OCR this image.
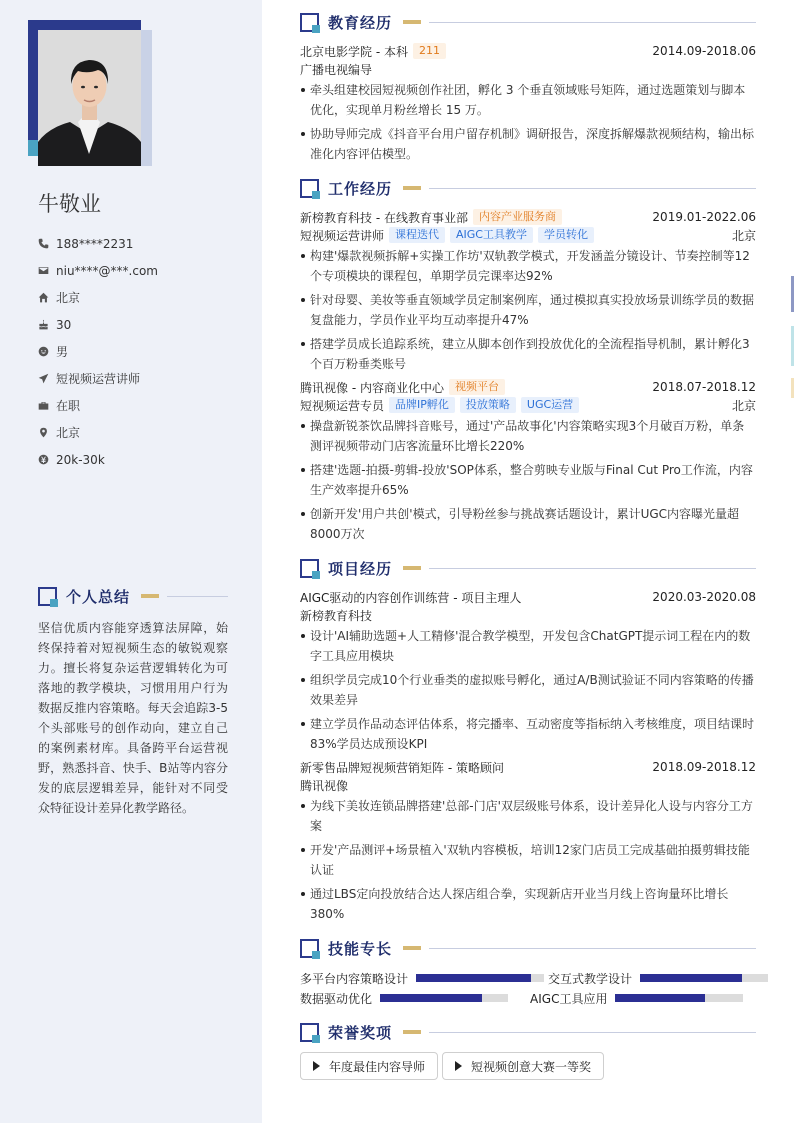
牛敬业
188****2231
niu****@***.com
北京
30
男
短视频运营讲师
在职
北京
20k-30k
个人总结

坚信优质内容能穿透算法屏障，始终保持着对短视频生态的敏锐观察力。擅长将复杂运营逻辑转化为可落地的教学模块，习惯用用户行为数据反推内容策略。每天会追踪3-5个头部账号的创作动向，建立自己的案例素材库。具备跨平台运营视野，熟悉抖音、快手、B站等内容分发的底层逻辑差异，能针对不同受众特征设计差异化教学路径。

教育经历
北京电影学院 - 本科	211	2014.09-2018.06
广播电视编导
牵头组建校园短视频创作社团，孵化 3 个垂直领域账号矩阵，通过选题策划与脚本优化，实现单月粉丝增长 15 万。
协助导师完成《抖音平台用户留存机制》调研报告，深度拆解爆款视频结构，输出标准化内容评估模型。
工作经历
新榜教育科技 - 在线教育事业部	内容产业服务商	2019.01-2022.06
短视频运营讲师	课程迭代	AIGC工具教学	学员转化	北京
构建'爆款视频拆解+实操工作坊'双轨教学模式，开发涵盖分镜设计、节奏控制等12个专项模块的课程包，单期学员完课率达92%
针对母婴、美妆等垂直领域学员定制案例库，通过模拟真实投放场景训练学员的数据复盘能力，学员作业平均互动率提升47%
搭建学员成长追踪系统，建立从脚本创作到投放优化的全流程指导机制，累计孵化3个百万粉垂类账号
腾讯视像 - 内容商业化中心	视频平台	2018.07-2018.12
短视频运营专员	品牌IP孵化	投放策略	UGC运营	北京
操盘新锐茶饮品牌抖音账号，通过'产品故事化'内容策略实现3个月破百万粉，单条测评视频带动门店客流量环比增长220%
搭建'选题-拍摄-剪辑-投放'SOP体系，整合剪映专业版与Final Cut Pro工作流，内容生产效率提升65%
创新开发'用户共创'模式，引导粉丝参与挑战赛话题设计，累计UGC内容曝光量超8000万次
项目经历
AIGC驱动的内容创作训练营 - 项目主理人	2020.03-2020.08
新榜教育科技
设计'AI辅助选题+人工精修'混合教学模型，开发包含ChatGPT提示词工程在内的数字工具应用模块
组织学员完成10个行业垂类的虚拟账号孵化，通过A/B测试验证不同内容策略的传播效果差异
建立学员作品动态评估体系，将完播率、互动密度等指标纳入考核维度，项目结课时83%学员达成预设KPI
新零售品牌短视频营销矩阵 - 策略顾问	2018.09-2018.12
腾讯视像
为线下美妆连锁品牌搭建'总部-门店'双层级账号体系，设计差异化人设与内容分工方案
开发'产品测评+场景植入'双轨内容模板，培训12家门店员工完成基础拍摄剪辑技能认证
通过LBS定向投放结合达人探店组合拳，实现新店开业当月线上咨询量环比增长380%
技能专长
多平台内容策略设计	交互式教学设计
数据驱动优化	AIGC工具应用
荣誉奖项
年度最佳内容导师	短视频创意大赛一等奖
